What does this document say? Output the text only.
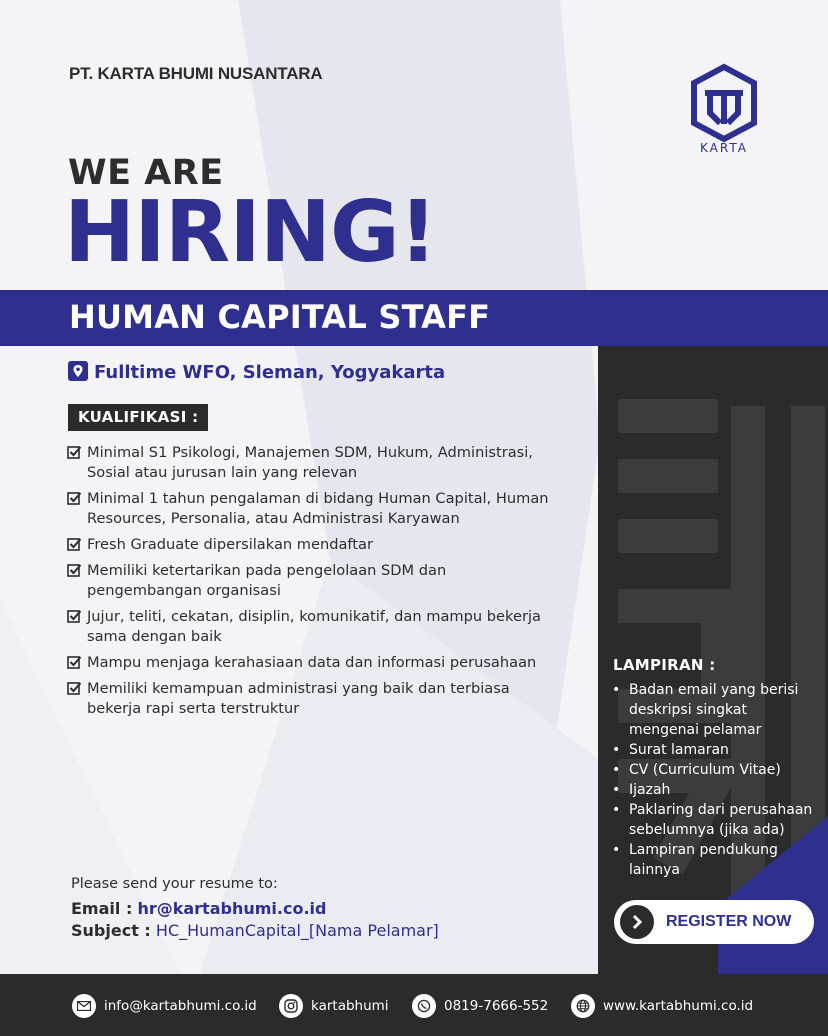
PT. KARTA BHUMI NUSANTARA
KARTA
WE ARE
HIRING!
HUMAN CAPITAL STAFF
Fulltime WFO, Sleman, Yogyakarta
KUALIFIKASI :
Minimal S1 Psikologi, Manajemen SDM, Hukum, Administrasi,
Sosial atau jurusan lain yang relevan
Minimal 1 tahun pengalaman di bidang Human Capital, Human
Resources, Personalia, atau Administrasi Karyawan
Fresh Graduate dipersilakan mendaftar
Memiliki ketertarikan pada pengelolaan SDM dan
pengembangan organisasi
Jujur, teliti, cekatan, disiplin, komunikatif, dan mampu bekerja
sama dengan baik
Mampu menjaga kerahasiaan data dan informasi perusahaan
Memiliki kemampuan administrasi yang baik dan terbiasa
bekerja rapi serta terstruktur
LAMPIRAN :
• Badan email yang berisi
deskripsi singkat
mengenai pelamar
• Surat lamaran
• CV (Curriculum Vitae)
• Ijazah
• Paklaring dari perusahaan
sebelumnya (jika ada)
• Lampiran pendukung
lainnya
REGISTER NOW
Please send your resume to:
Email : hr@kartabhumi.co.id
Subject : HC_HumanCapital_[Nama Pelamar]
info@kartabhumi.co.id	kartabhumi	0819-7666-552	www.kartabhumi.co.id
